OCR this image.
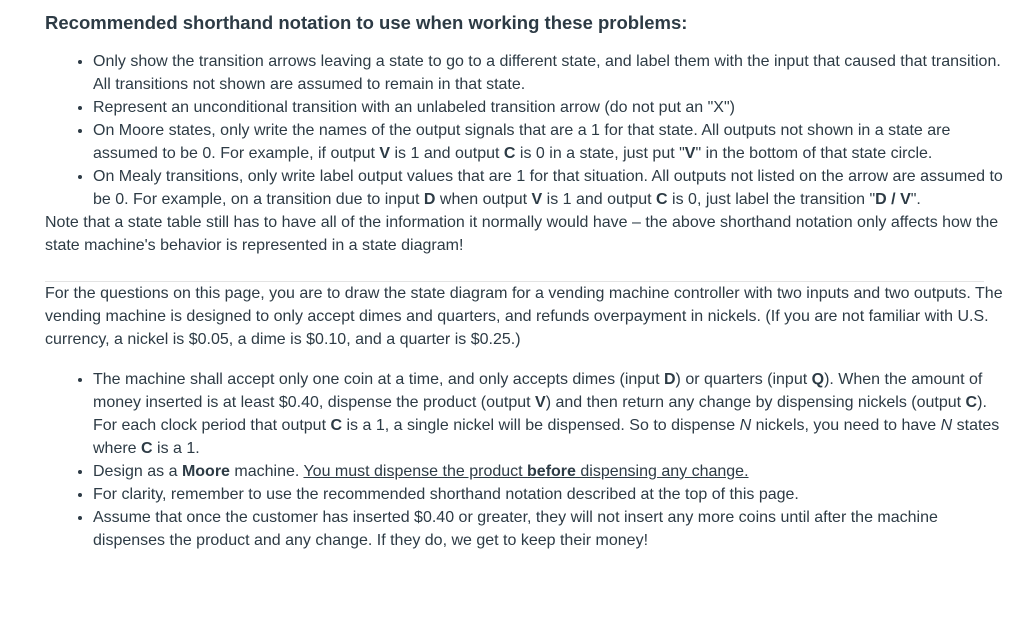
Recommended shorthand notation to use when working these problems:
• Only show the transition arrows leaving a state to go to a different state, and label them with the input that caused that transition. All transitions not shown are assumed to remain in that state.
• Represent an unconditional transition with an unlabeled transition arrow (do not put an "X")
• On Moore states, only write the names of the output signals that are a 1 for that state. All outputs not shown in a state are assumed to be 0. For example, if output V is 1 and output C is 0 in a state, just put "V" in the bottom of that state circle.
• On Mealy transitions, only write label output values that are 1 for that situation. All outputs not listed on the arrow are assumed to be 0. For example, on a transition due to input D when output V is 1 and output C is 0, just label the transition "D / V".

Note that a state table still has to have all of the information it normally would have – the above shorthand notation only affects how the state machine's behavior is represented in a state diagram!

For the questions on this page, you are to draw the state diagram for a vending machine controller with two inputs and two outputs. The vending machine is designed to only accept dimes and quarters, and refunds overpayment in nickels. (If you are not familiar with U.S. currency, a nickel is $0.05, a dime is $0.10, and a quarter is $0.25.)

• The machine shall accept only one coin at a time, and only accepts dimes (input D) or quarters (input Q). When the amount of money inserted is at least $0.40, dispense the product (output V) and then return any change by dispensing nickels (output C). For each clock period that output C is a 1, a single nickel will be dispensed. So to dispense N nickels, you need to have N states where C is a 1.
• Design as a Moore machine. You must dispense the product before dispensing any change.
• For clarity, remember to use the recommended shorthand notation described at the top of this page.
• Assume that once the customer has inserted $0.40 or greater, they will not insert any more coins until after the machine dispenses the product and any change. If they do, we get to keep their money!
